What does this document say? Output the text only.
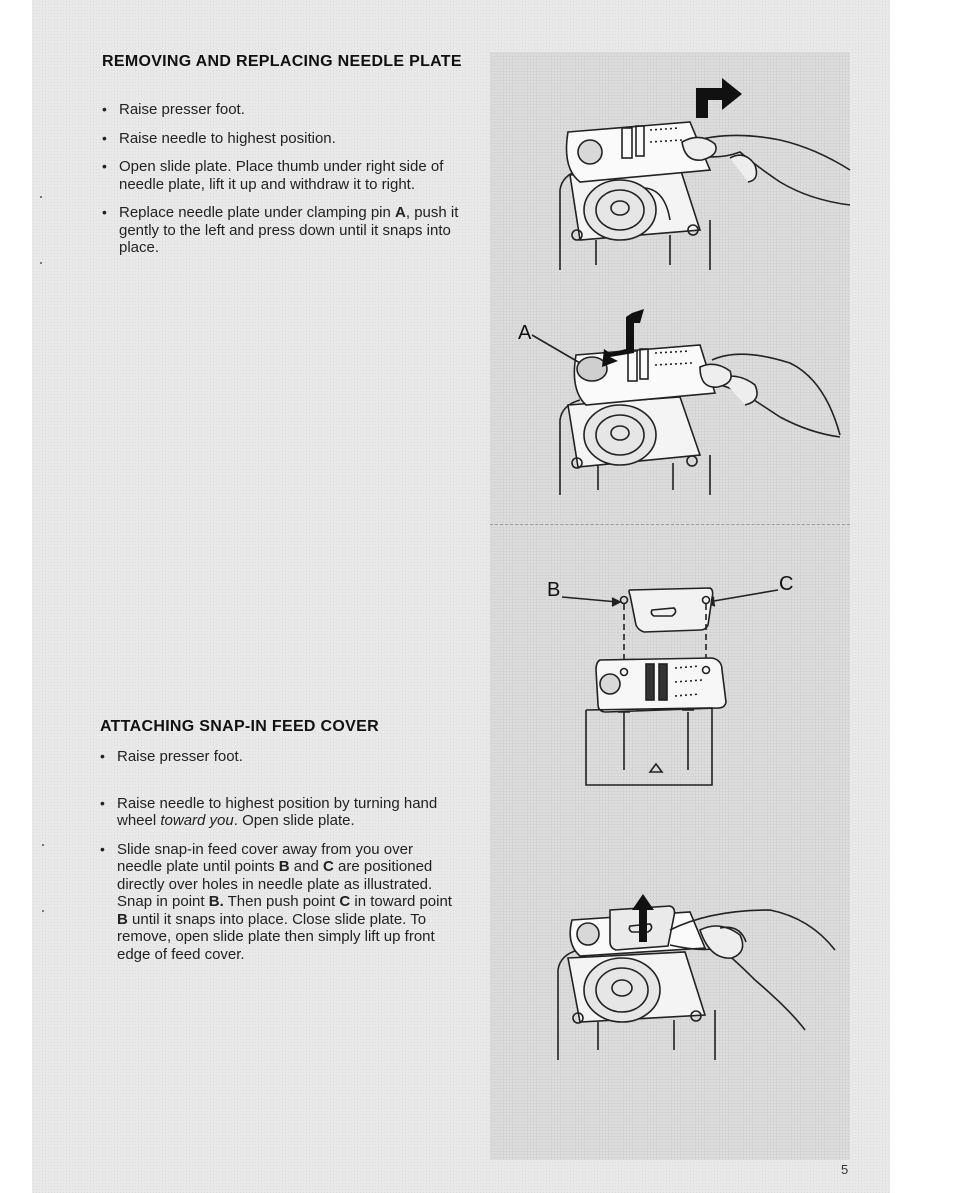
REMOVING AND REPLACING NEEDLE PLATE
• Raise presser foot.
• Raise needle to highest position.
• Open slide plate. Place thumb under right side of needle plate, lift it up and withdraw it to right.
• Replace needle plate under clamping pin A, push it gently to the left and press down until it snaps into place.
ATTACHING SNAP-IN FEED COVER
• Raise presser foot.
• Raise needle to highest position by turning hand wheel toward you. Open slide plate.
• Slide snap-in feed cover away from you over needle plate until points B and C are positioned directly over holes in needle plate as illustrated. Snap in point B. Then push point C in toward point B until it snaps into place. Close slide plate. To remove, open slide plate then simply lift up front edge of feed cover.
A
B	C
5
